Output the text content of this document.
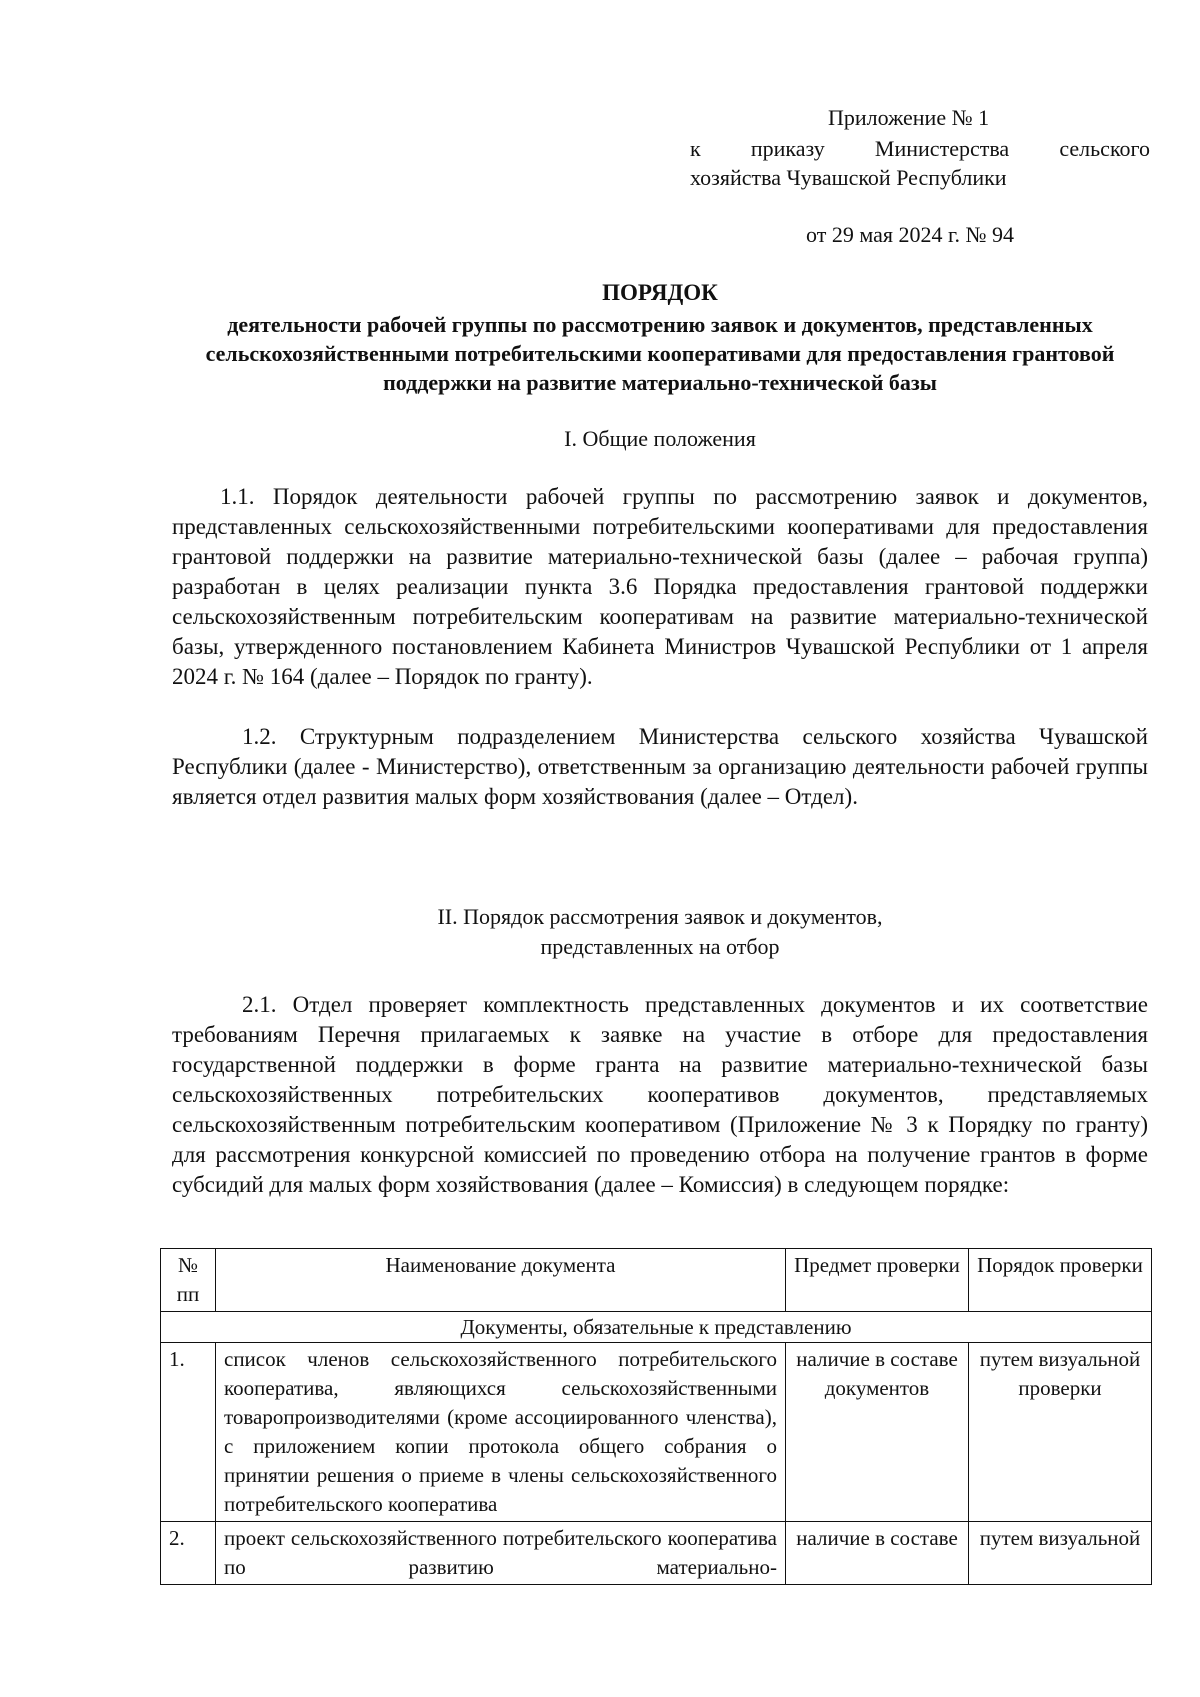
Приложение № 1
к приказу Министерства сельского
хозяйства Чувашской Республики
от 29 мая 2024 г. № 94
ПОРЯДОК
деятельности рабочей группы по рассмотрению заявок и документов, представленных сельскохозяйственными потребительскими кооперативами для предоставления грантовой поддержки на развитие материально-технической базы
I. Общие положения
1.1. Порядок деятельности рабочей группы по рассмотрению заявок и документов, представленных сельскохозяйственными потребительскими кооперативами для предоставления грантовой поддержки на развитие материально-технической базы (далее – рабочая группа) разработан в целях реализации пункта 3.6 Порядка предоставления грантовой поддержки сельскохозяйственным потребительским кооперативам на развитие материально-технической базы, утвержденного постановлением Кабинета Министров Чувашской Республики от 1 апреля 2024 г. № 164 (далее – Порядок по гранту).
1.2. Структурным подразделением Министерства сельского хозяйства Чувашской Республики (далее - Министерство), ответственным за организацию деятельности рабочей группы является отдел развития малых форм хозяйствования (далее – Отдел).
II. Порядок рассмотрения заявок и документов,
представленных на отбор
2.1. Отдел проверяет комплектность представленных документов и их соответствие требованиям Перечня прилагаемых к заявке на участие в отборе для предоставления государственной поддержки в форме гранта на развитие материально-технической базы сельскохозяйственных потребительских кооперативов документов, представляемых сельскохозяйственным потребительским кооперативом (Приложение № 3 к Порядку по гранту) для рассмотрения конкурсной комиссией по проведению отбора на получение грантов в форме субсидий для малых форм хозяйствования (далее – Комиссия) в следующем порядке:
№
пп	Наименование документа	Предмет проверки	Порядок проверки
Документы, обязательные к представлению			
1.	список членов сельскохозяйственного потребительского кооператива, являющихся сельскохозяйственными товаропроизводителями (кроме ассоциированного членства), с приложением копии протокола общего собрания о принятии решения о приеме в члены сельскохозяйственного потребительского кооператива	наличие в составе документов	путем визуальной проверки
2.	проект сельскохозяйственного потребительского кооператива по развитию материально-	наличие в составе	путем визуальной
